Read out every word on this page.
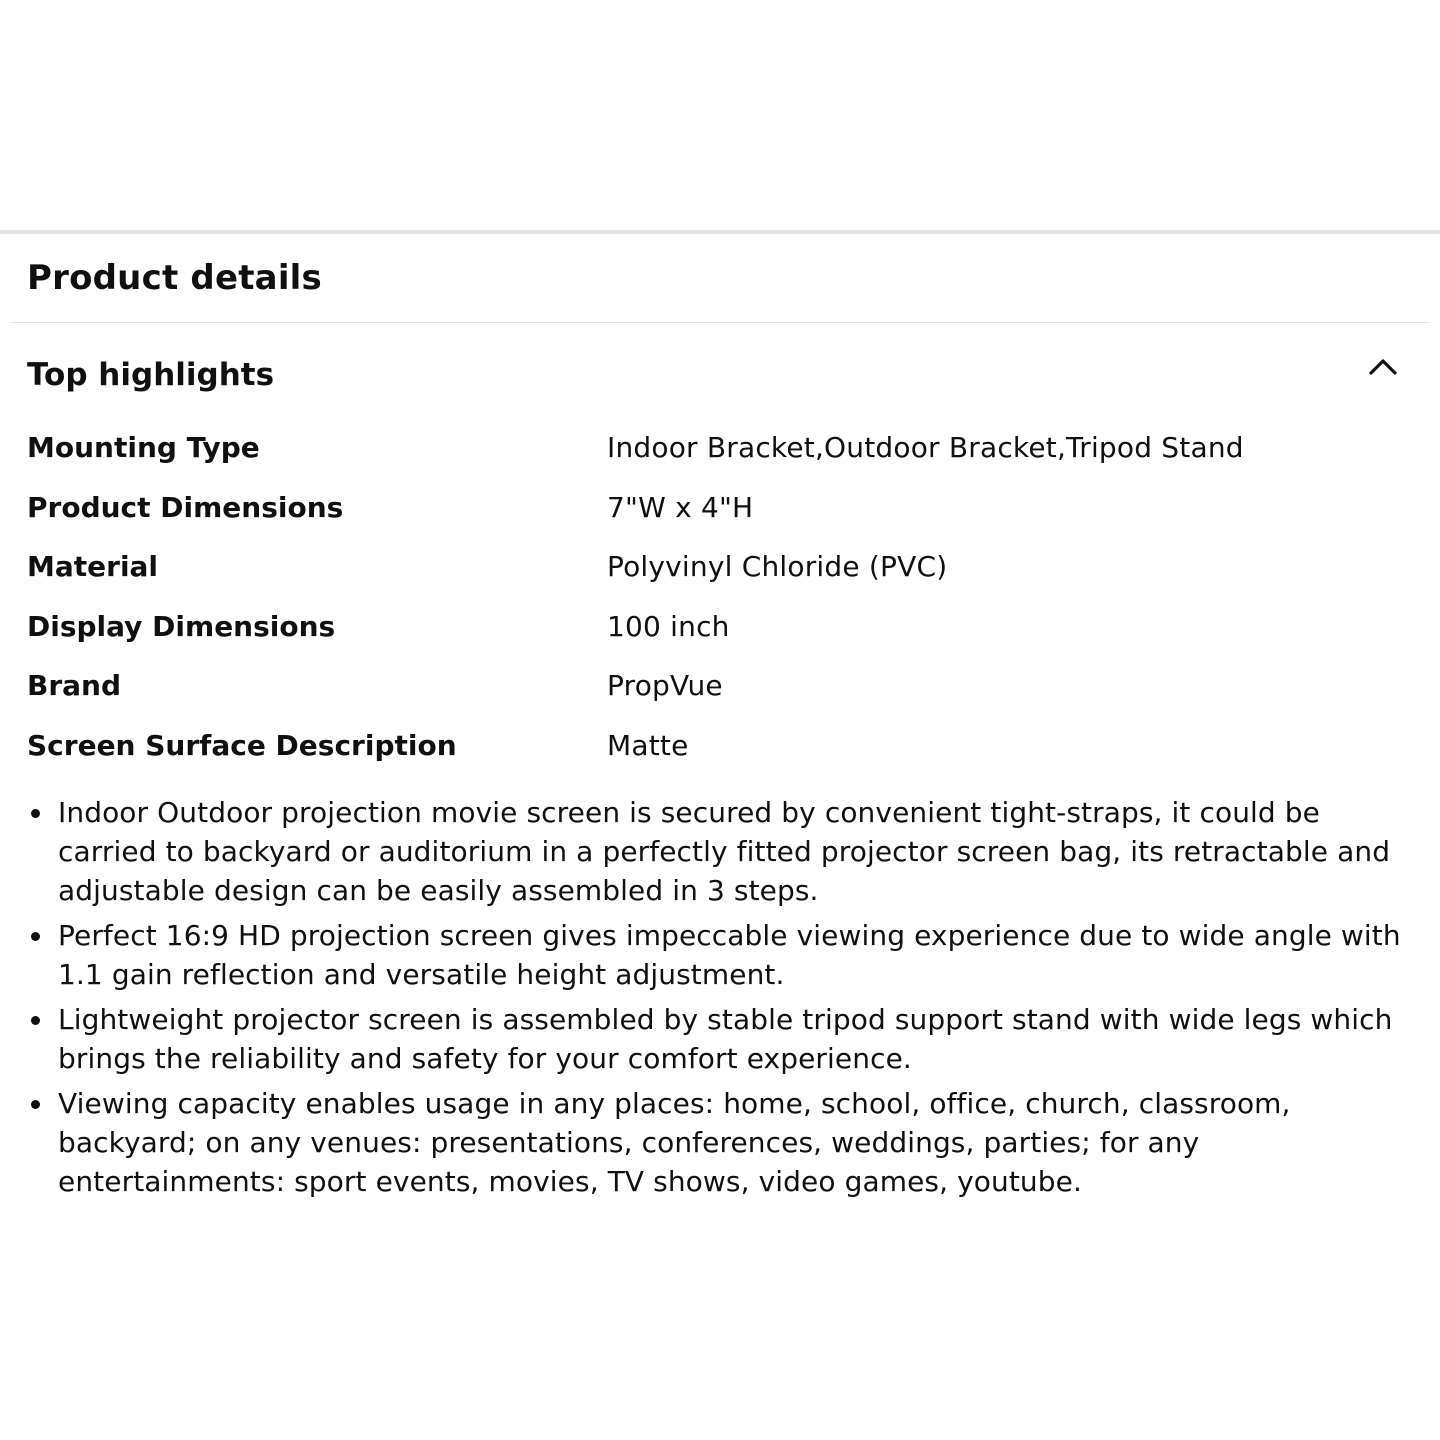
Product details
Top highlights
Mounting Type	Indoor Bracket,Outdoor Bracket,Tripod Stand
Product Dimensions	7"W x 4"H
Material	Polyvinyl Chloride (PVC)
Display Dimensions	100 inch
Brand	PropVue
Screen Surface Description	Matte
Indoor Outdoor projection movie screen is secured by convenient tight-straps, it could be carried to backyard or auditorium in a perfectly fitted projector screen bag, its retractable and adjustable design can be easily assembled in 3 steps.
Perfect 16:9 HD projection screen gives impeccable viewing experience due to wide angle with 1.1 gain reflection and versatile height adjustment.
Lightweight projector screen is assembled by stable tripod support stand with wide legs which brings the reliability and safety for your comfort experience.
Viewing capacity enables usage in any places: home, school, office, church, classroom, backyard; on any venues: presentations, conferences, weddings, parties; for any entertainments: sport events, movies, TV shows, video games, youtube.
